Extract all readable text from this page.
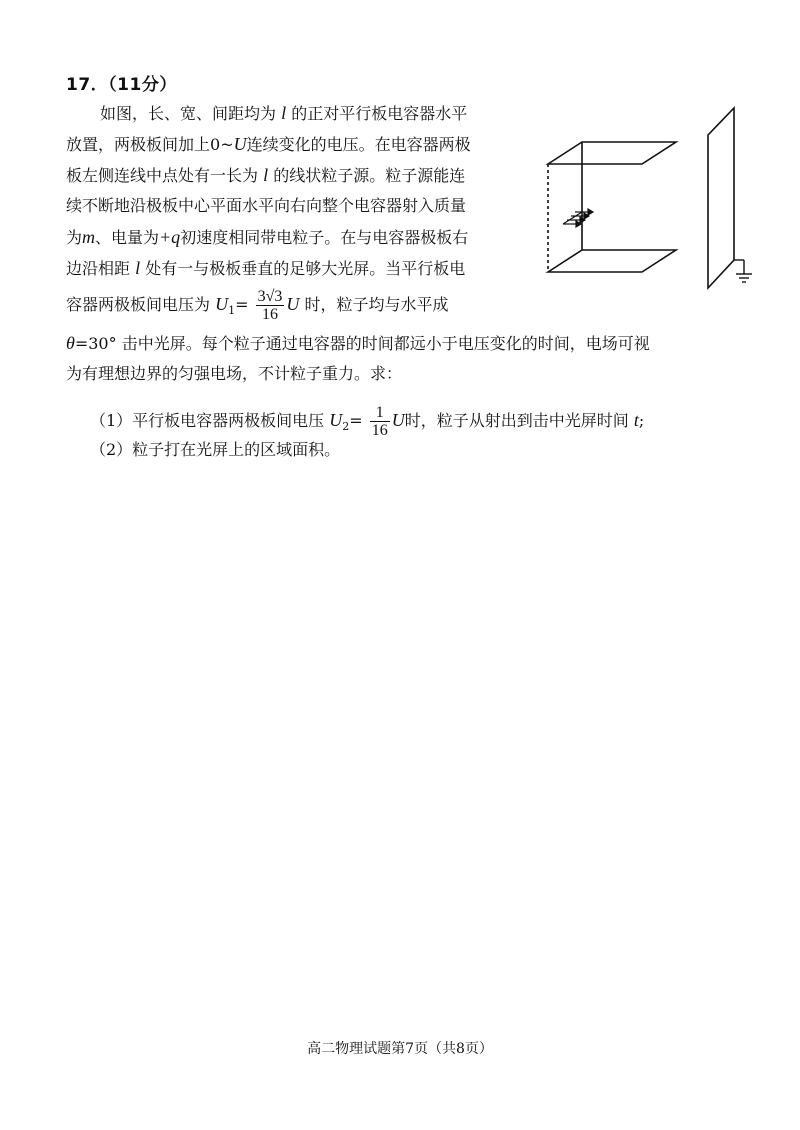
17．（11分）
如图，长、宽、间距均为 l 的正对平行板电容器水平
放置，两极板间加上0~U连续变化的电压。在电容器两极
板左侧连线中点处有一长为 l 的线状粒子源。粒子源能连
续不断地沿极板中心平面水平向右向整个电容器射入质量
为m、电量为+q初速度相同带电粒子。在与电容器极板右
边沿相距 l 处有一与极板垂直的足够大光屏。当平行板电
容器两极板间电压为 $U_1= \frac{3√3}{16}$ U 时，粒子均与水平成
θ=30° 击中光屏。每个粒子通过电容器的时间都远小于电压变化的时间，电场可视
为有理想边界的匀强电场，不计粒子重力。求：
（1）平行板电容器两极板间电压 $U_2= \frac{1}{16}$ U时，粒子从射出到击中光屏时间 t;
（2）粒子打在光屏上的区域面积。
高二物理试题第7页（共8页）
